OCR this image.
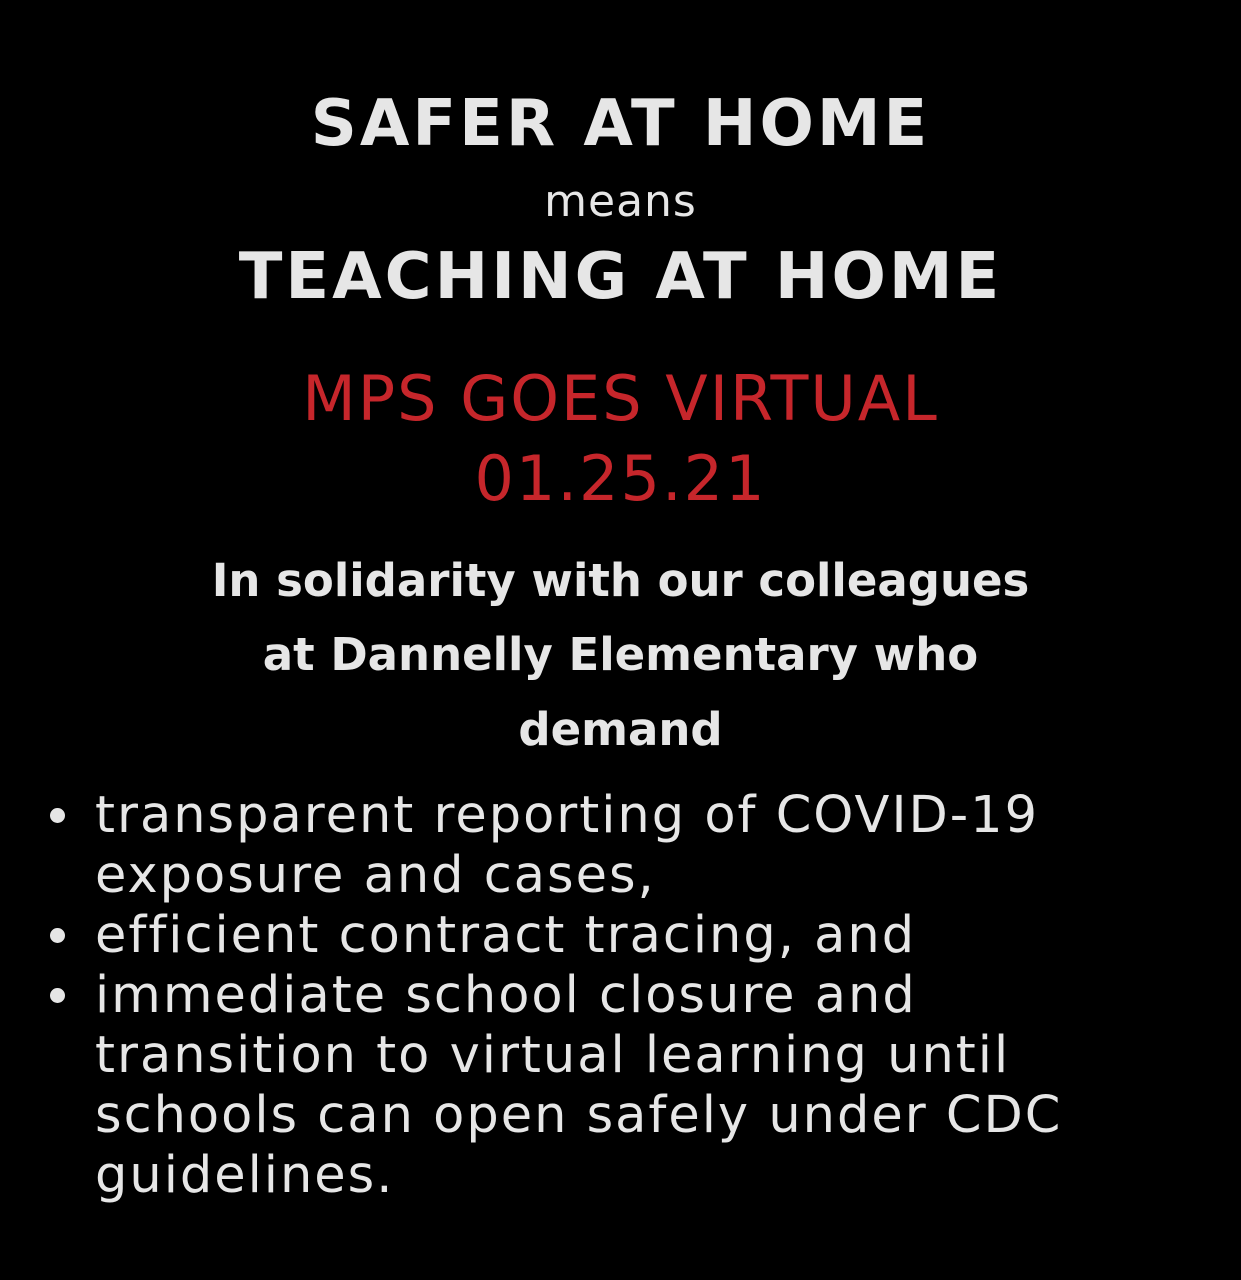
SAFER AT HOME
means
TEACHING AT HOME
MPS GOES VIRTUAL
01.25.21
In solidarity with our colleagues
at Dannelly Elementary who
demand
transparent reporting of COVID-19
exposure and cases,
efficient contract tracing, and
immediate school closure and
transition to virtual learning until
schools can open safely under CDC
guidelines.
